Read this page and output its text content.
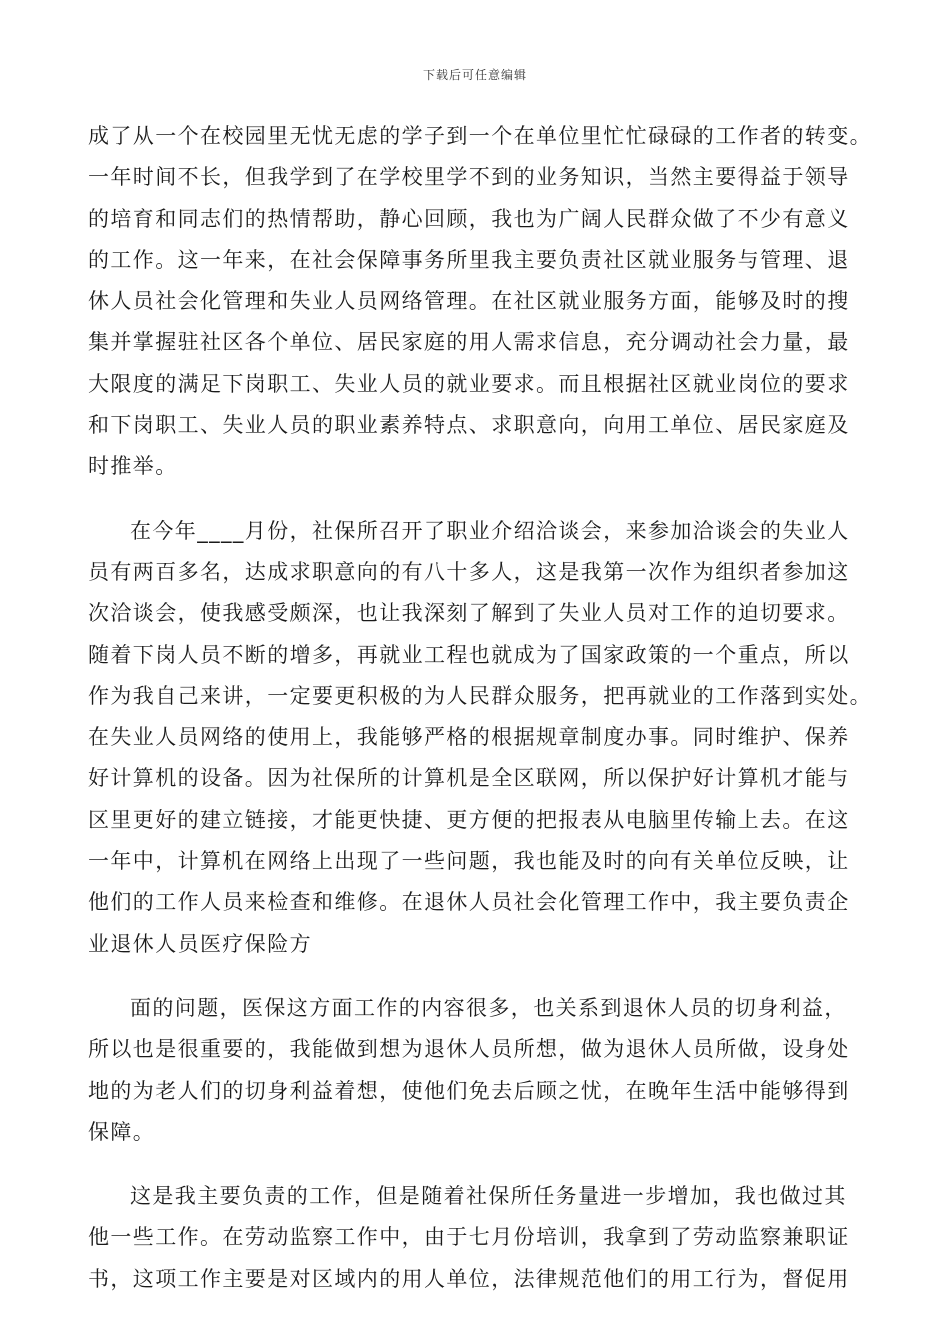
下载后可任意编辑
成了从一个在校园里无忧无虑的学子到一个在单位里忙忙碌碌的工作者的转变。
一年时间不长，但我学到了在学校里学不到的业务知识，当然主要得益于领导
的培育和同志们的热情帮助，静心回顾，我也为广阔人民群众做了不少有意义
的工作。这一年来，在社会保障事务所里我主要负责社区就业服务与管理、退
休人员社会化管理和失业人员网络管理。在社区就业服务方面，能够及时的搜
集并掌握驻社区各个单位、居民家庭的用人需求信息，充分调动社会力量，最
大限度的满足下岗职工、失业人员的就业要求。而且根据社区就业岗位的要求
和下岗职工、失业人员的职业素养特点、求职意向，向用工单位、居民家庭及
时推举。
在今年____月份，社保所召开了职业介绍洽谈会，来参加洽谈会的失业人
员有两百多名，达成求职意向的有八十多人，这是我第一次作为组织者参加这
次洽谈会，使我感受颇深，也让我深刻了解到了失业人员对工作的迫切要求。
随着下岗人员不断的增多，再就业工程也就成为了国家政策的一个重点，所以
作为我自己来讲，一定要更积极的为人民群众服务，把再就业的工作落到实处。
在失业人员网络的使用上，我能够严格的根据规章制度办事。同时维护、保养
好计算机的设备。因为社保所的计算机是全区联网，所以保护好计算机才能与
区里更好的建立链接，才能更快捷、更方便的把报表从电脑里传输上去。在这
一年中，计算机在网络上出现了一些问题，我也能及时的向有关单位反映，让
他们的工作人员来检查和维修。在退休人员社会化管理工作中，我主要负责企
业退休人员医疗保险方
面的问题，医保这方面工作的内容很多，也关系到退休人员的切身利益，
所以也是很重要的，我能做到想为退休人员所想，做为退休人员所做，设身处
地的为老人们的切身利益着想，使他们免去后顾之忧，在晚年生活中能够得到
保障。
这是我主要负责的工作，但是随着社保所任务量进一步增加，我也做过其
他一些工作。在劳动监察工作中，由于七月份培训，我拿到了劳动监察兼职证
书，这项工作主要是对区域内的用人单位，法律规范他们的用工行为，督促用
